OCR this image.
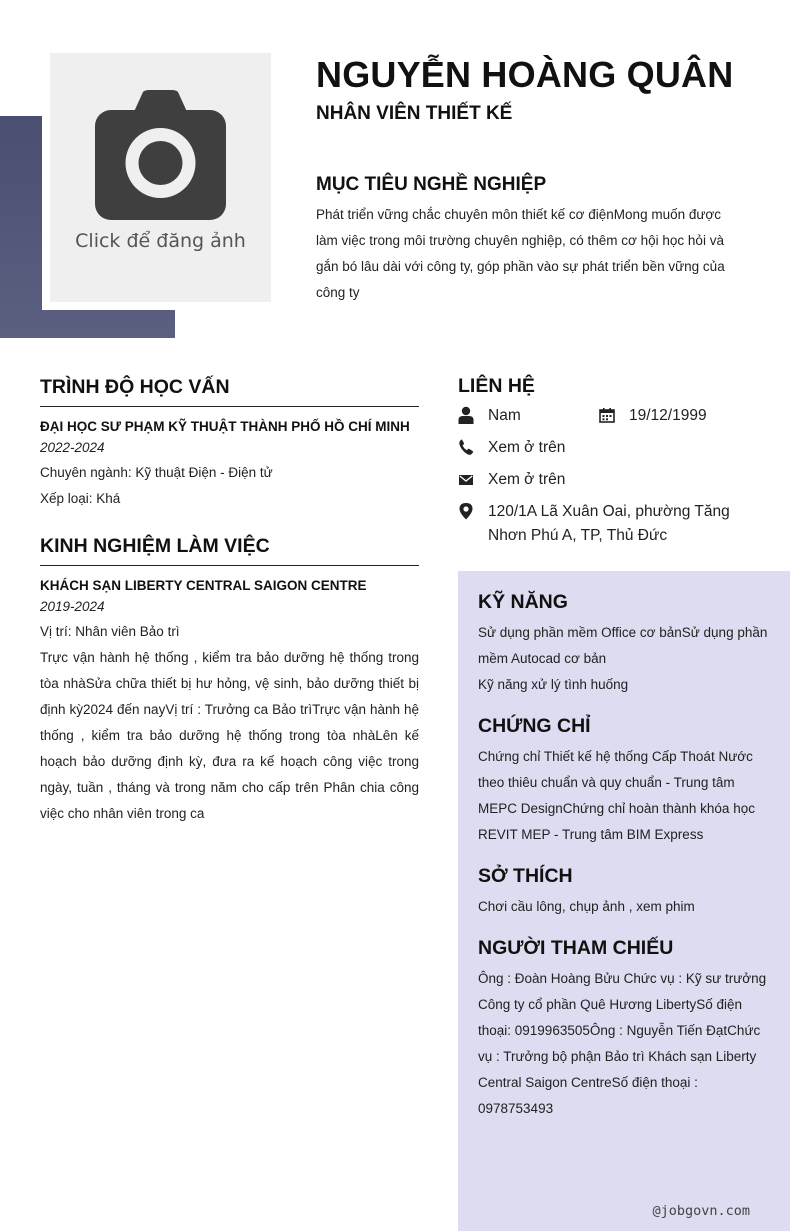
Click để đăng ảnh
NGUYỄN HOÀNG QUÂN
NHÂN VIÊN THIẾT KẾ
MỤC TIÊU NGHỀ NGHIỆP
Phát triển vững chắc chuyên môn thiết kế cơ điệnMong muốn được làm việc trong môi trường chuyên nghiệp, có thêm cơ hội học hỏi và gắn bó lâu dài với công ty, góp phần vào sự phát triển bền vững của công ty
TRÌNH ĐỘ HỌC VẤN
ĐẠI HỌC SƯ PHẠM KỸ THUẬT THÀNH PHỐ HỒ CHÍ MINH
2022-2024
Chuyên ngành: Kỹ thuật Điện - Điện tử
Xếp loại: Khá
KINH NGHIỆM LÀM VIỆC
KHÁCH SẠN LIBERTY CENTRAL SAIGON CENTRE
2019-2024
Vị trí: Nhân viên Bảo trì
Trực vận hành hệ thống , kiểm tra bảo dưỡng hệ thống trong tòa nhàSửa chữa thiết bị hư hỏng, vệ sinh, bảo dưỡng thiết bị định kỳ2024 đến nayVị trí : Trưởng ca Bảo trìTrực vận hành hệ thống , kiểm tra bảo dưỡng hệ thống trong tòa nhàLên kế hoạch bảo dưỡng định kỳ, đưa ra kế hoạch công việc trong ngày, tuần , tháng và trong năm cho cấp trên Phân chia công việc cho nhân viên trong ca
LIÊN HỆ
Nam	19/12/1999
Xem ở trên
Xem ở trên
120/1A Lã Xuân Oai, phường Tăng Nhơn Phú A, TP, Thủ Đức
KỸ NĂNG
Sử dụng phần mềm Office cơ bảnSử dụng phần mềm Autocad cơ bản
Kỹ năng xử lý tình huống
CHỨNG CHỈ
Chứng chỉ Thiết kế hệ thống Cấp Thoát Nước theo thiêu chuẩn và quy chuẩn - Trung tâm MEPC DesignChứng chỉ hoàn thành khóa học REVIT MEP - Trung tâm BIM Express
SỞ THÍCH
Chơi cầu lông, chụp ảnh , xem phim
NGƯỜI THAM CHIẾU
Ông : Đoàn Hoàng Bửu Chức vụ : Kỹ sư trưởng Công ty cổ phần Quê Hương LibertySố điện thoại: 0919963505Ông : Nguyễn Tiến ĐạtChức vụ : Trưởng bộ phận Bảo trì Khách sạn Liberty Central Saigon CentreSố điện thoại : 0978753493
@jobgovn.com
